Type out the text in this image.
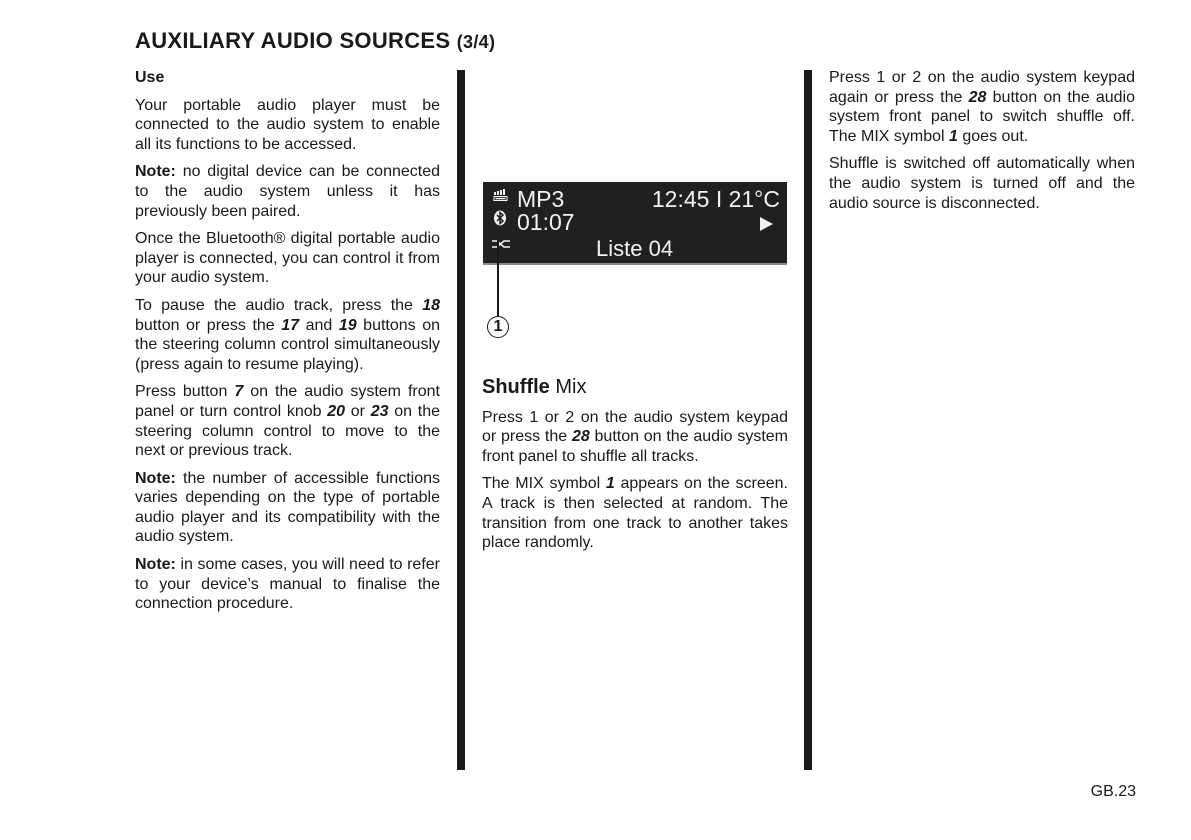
AUXILIARY AUDIO SOURCES (3/4)
Use

Your portable audio player must be connected to the audio system to enable all its functions to be accessed.

Note: no digital device can be connected to the audio system unless it has previously been paired.

Once the Bluetooth® digital portable audio player is connected, you can control it from your audio system.

To pause the audio track, press the 18 button or press the 17 and 19 buttons on the steering column control simultaneously (press again to resume playing).

Press button 7 on the audio system front panel or turn control knob 20 or 23 on the steering column control to move to the next or previous track.

Note: the number of accessible functions varies depending on the type of portable audio player and its compatibility with the audio system.

Note: in some cases, you will need to refer to your device’s manual to finalise the connection procedure.

MP3	12:45 I 21°C
01:07
Liste 04
1
Shuffle Mix

Press 1 or 2 on the audio system keypad or press the 28 button on the audio system front panel to shuffle all tracks.

The MIX symbol 1 appears on the screen. A track is then selected at random. The transition from one track to another takes place randomly.

Press 1 or 2 on the audio system keypad again or press the 28 button on the audio system front panel to switch shuffle off. The MIX symbol 1 goes out.

Shuffle is switched off automatically when the audio system is turned off and the audio source is disconnected.

GB.23
